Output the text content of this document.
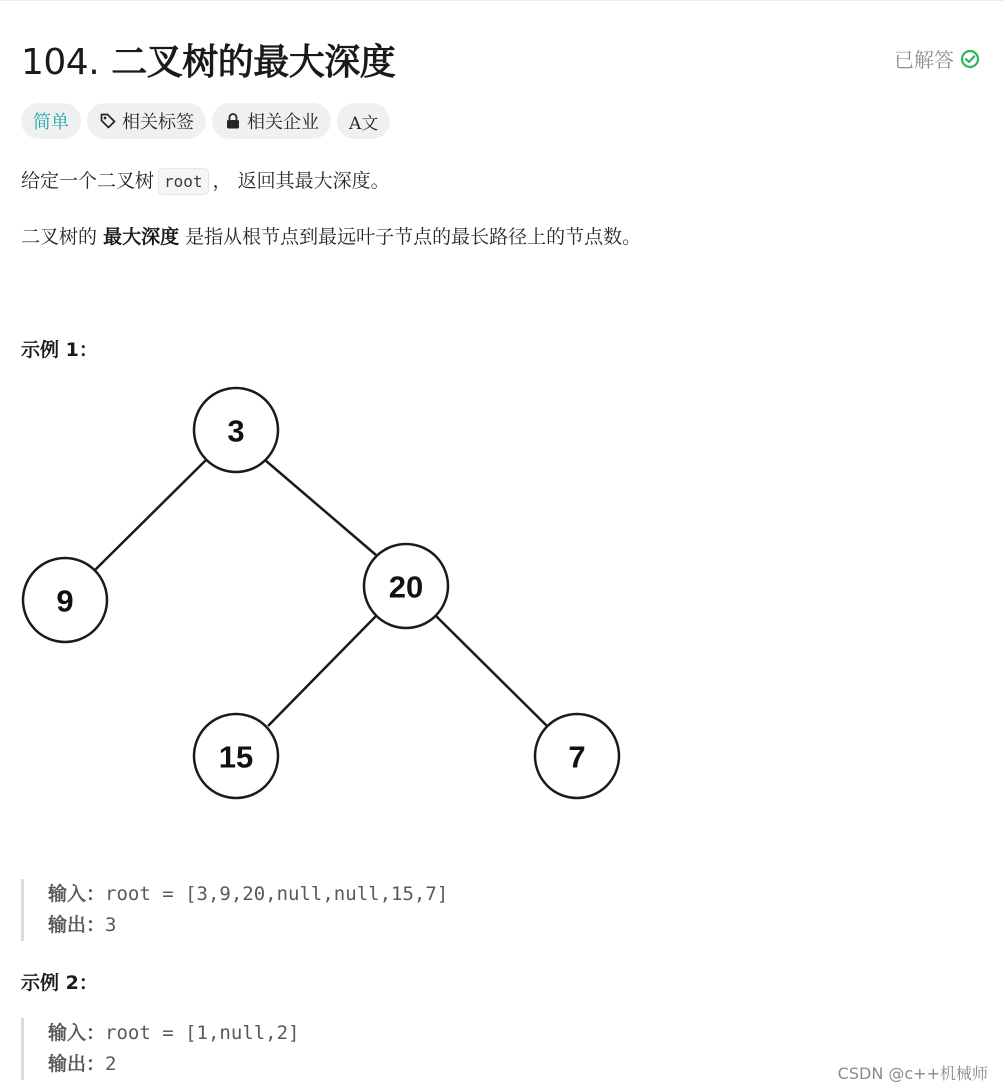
104. 二叉树的最大深度	已解答
简单	相关标签	相关企业 A文
给定一个二叉树 root ， 返回其最大深度。
二叉树的 最大深度 是指从根节点到最远叶子节点的最长路径上的节点数。
示例 1：
3
9	20
15	7
输入：root = [3,9,20,null,null,15,7]
输出：3
示例 2：
输入：root = [1,null,2]
输出：2	CSDN @c++机械师
